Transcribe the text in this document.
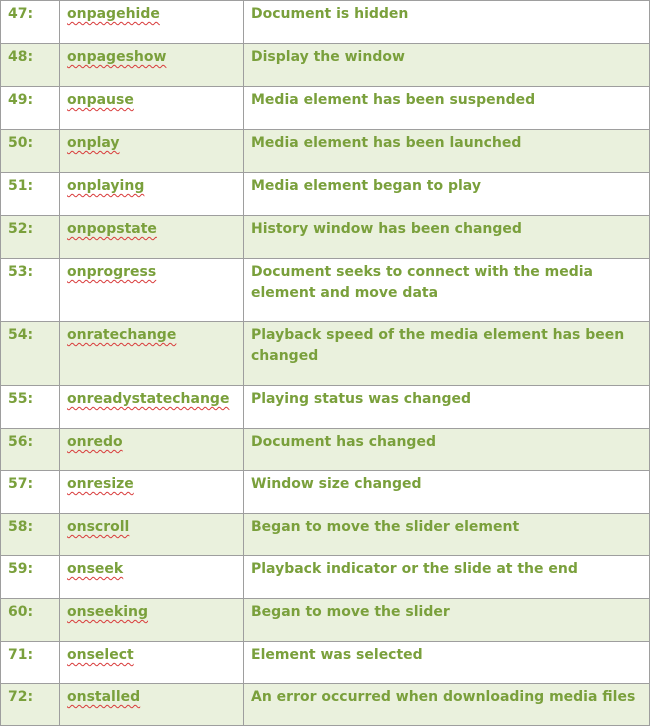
47:	onpagehide	Document is hidden
48:	onpageshow	Display the window
49:	onpause	Media element has been suspended
50:	onplay	Media element has been launched
51:	onplaying	Media element began to play
52:	onpopstate	History window has been changed
53:	onprogress	Document seeks to connect with the media element and move data
54:	onratechange	Playback speed of the media element has been changed
55:	onreadystatechange	Playing status was changed
56:	onredo	Document has changed
57:	onresize	Window size changed
58:	onscroll	Began to move the slider element
59:	onseek	Playback indicator or the slide at the end
60:	onseeking	Began to move the slider
71:	onselect	Element was selected
72:	onstalled	An error occurred when downloading media files
